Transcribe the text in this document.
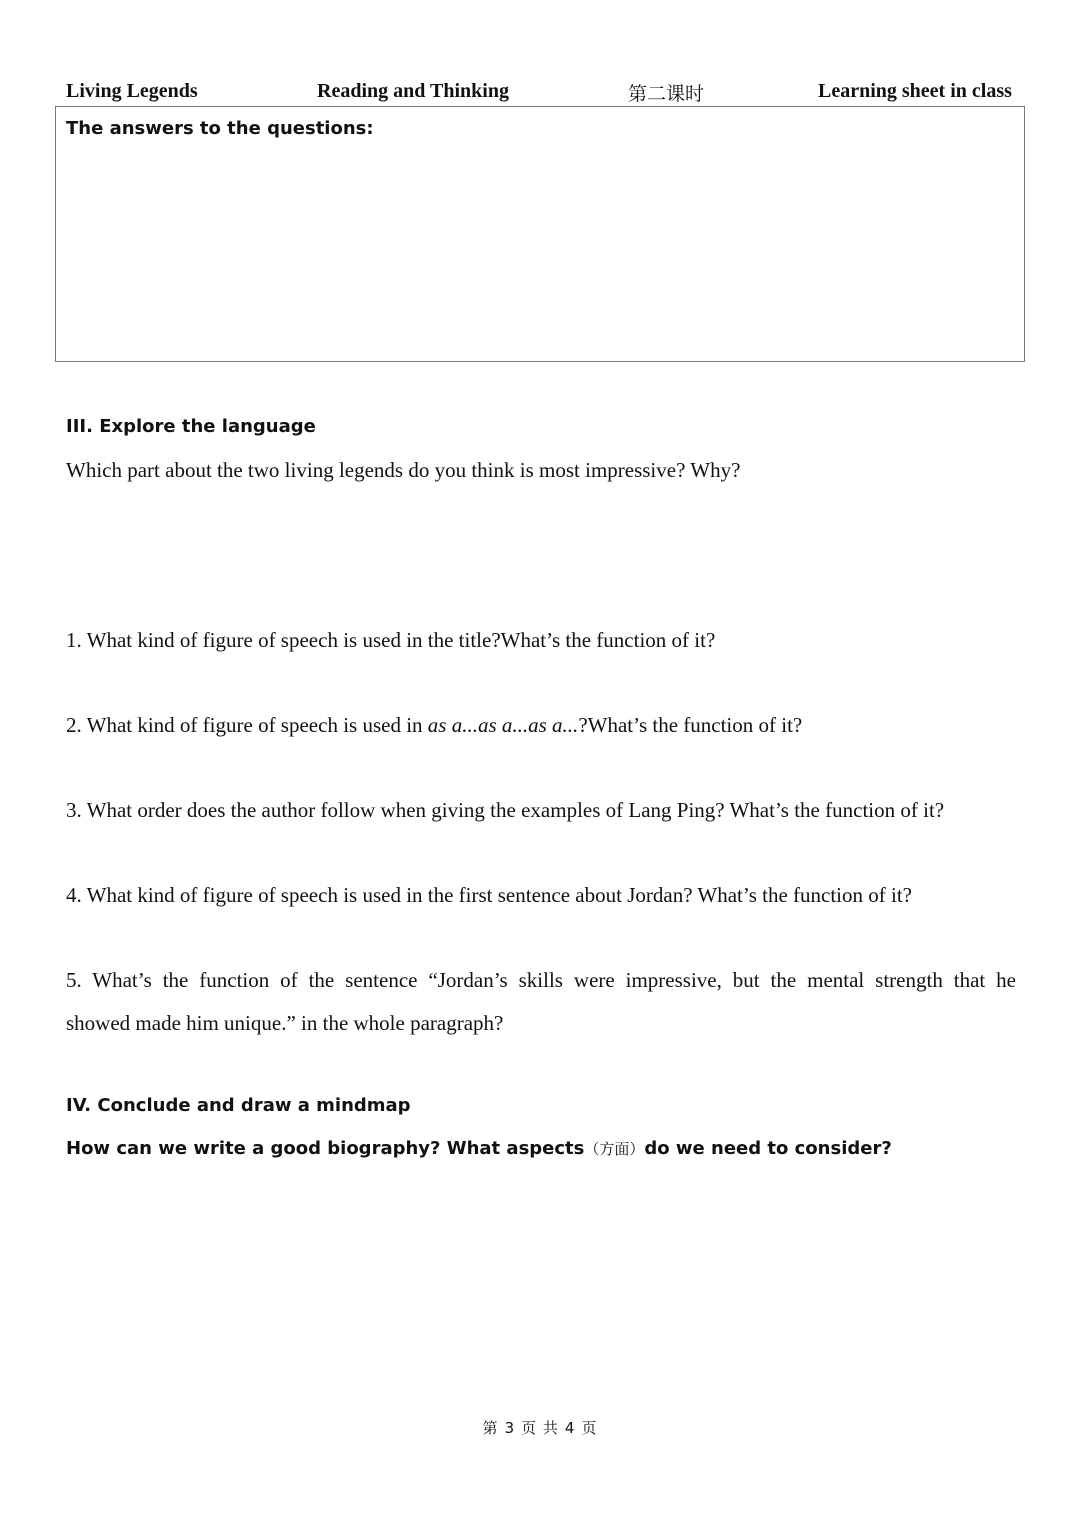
Living Legends	Reading and Thinking	第二课时	Learning sheet in class
The answers to the questions:
III. Explore the language
Which part about the two living legends do you think is most impressive? Why?
1. What kind of figure of speech is used in the title?What’s the function of it?
2. What kind of figure of speech is used in as a...as a...as a...?What’s the function of it?
3. What order does the author follow when giving the examples of Lang Ping? What’s the function of it?
4. What kind of figure of speech is used in the first sentence about Jordan? What’s the function of it?
5. What’s the function of the sentence “Jordan’s skills were impressive, but the mental strength that he
showed made him unique.” in the whole paragraph?
IV. Conclude and draw a mindmap
How can we write a good biography? What aspects（方面）do we need to consider?
第 3 页 共 4 页
